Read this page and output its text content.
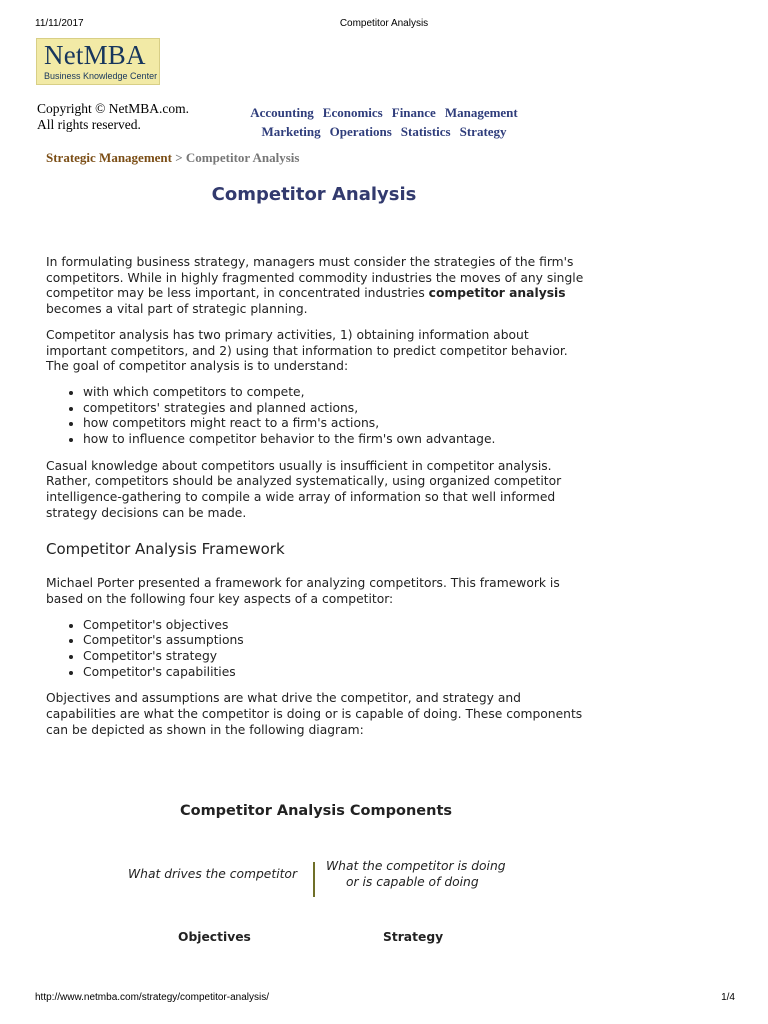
11/11/2017	Competitor Analysis
NetMBA
Business Knowledge Center
Copyright © NetMBA.com.
All rights reserved.
Accounting Economics Finance Management
Marketing Operations Statistics Strategy
Strategic Management > Competitor Analysis
Competitor Analysis

In formulating business strategy, managers must consider the strategies of the firm's competitors. While in highly fragmented commodity industries the moves of any single competitor may be less important, in concentrated industries competitor analysis becomes a vital part of strategic planning.

Competitor analysis has two primary activities, 1) obtaining information about important competitors, and 2) using that information to predict competitor behavior. The goal of competitor analysis is to understand:

• with which competitors to compete,
• competitors' strategies and planned actions,
• how competitors might react to a firm's actions,
• how to influence competitor behavior to the firm's own advantage.

Casual knowledge about competitors usually is insufficient in competitor analysis. Rather, competitors should be analyzed systematically, using organized competitor intelligence-gathering to compile a wide array of information so that well informed strategy decisions can be made.

Competitor Analysis Framework

Michael Porter presented a framework for analyzing competitors. This framework is based on the following four key aspects of a competitor:

• Competitor's objectives
• Competitor's assumptions
• Competitor's strategy
• Competitor's capabilities

Objectives and assumptions are what drive the competitor, and strategy and capabilities are what the competitor is doing or is capable of doing. These components can be depicted as shown in the following diagram:

Competitor Analysis Components
What drives the competitor
What the competitor is doing
or is capable of doing
Objectives	Strategy
http://www.netmba.com/strategy/competitor-analysis/	1/4
